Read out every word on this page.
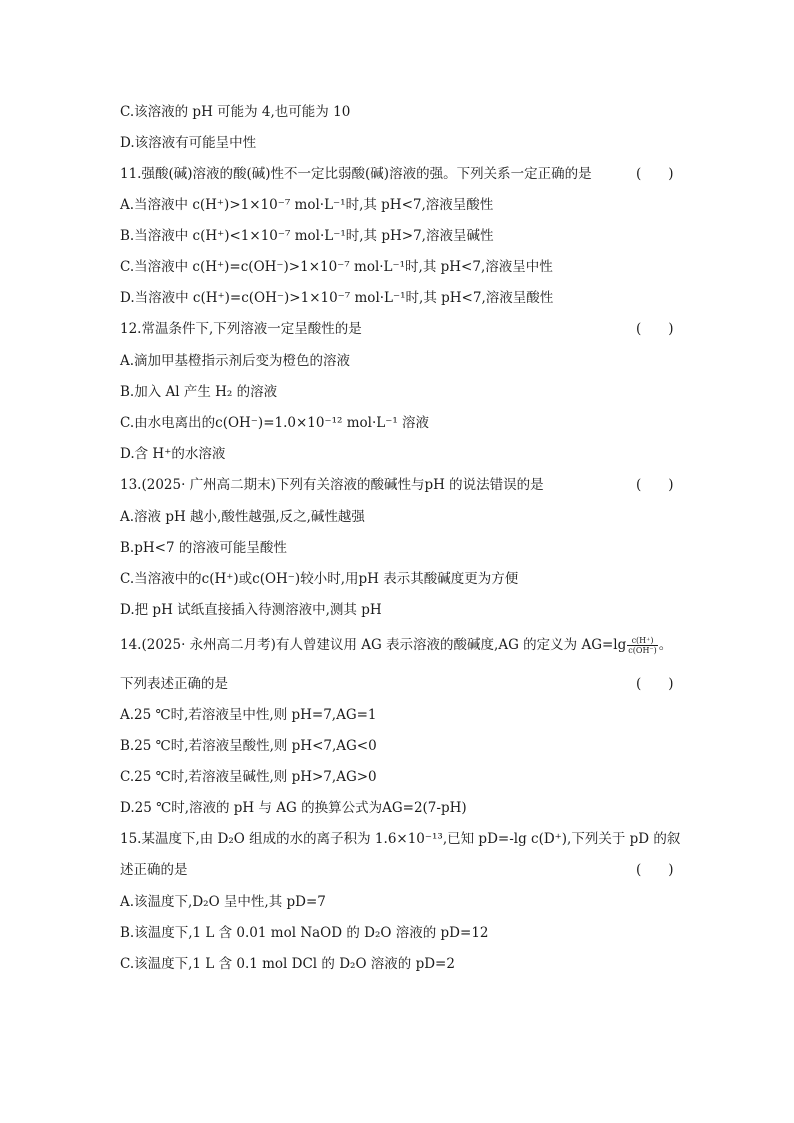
C.该溶液的 pH 可能为 4,也可能为 10
D.该溶液有可能呈中性
11.强酸(碱)溶液的酸(碱)性不一定比弱酸(碱)溶液的强。下列关系一定正确的是	(　　)
A.当溶液中 c(H⁺)>1×10⁻⁷ mol·L⁻¹时,其 pH<7,溶液呈酸性
B.当溶液中 c(H⁺)<1×10⁻⁷ mol·L⁻¹时,其 pH>7,溶液呈碱性
C.当溶液中 c(H⁺)=c(OH⁻)>1×10⁻⁷ mol·L⁻¹时,其 pH<7,溶液呈中性
D.当溶液中 c(H⁺)=c(OH⁻)>1×10⁻⁷ mol·L⁻¹时,其 pH<7,溶液呈酸性
12.常温条件下,下列溶液一定呈酸性的是	(　　)
A.滴加甲基橙指示剂后变为橙色的溶液
B.加入 Al 产生 H₂ 的溶液
C.由水电离出的c(OH⁻)=1.0×10⁻¹² mol·L⁻¹ 溶液
D.含 H⁺的水溶液
13.(2025· 广州高二期末)下列有关溶液的酸碱性与pH 的说法错误的是	(　　)
A.溶液 pH 越小,酸性越强,反之,碱性越强
B.pH<7 的溶液可能呈酸性
C.当溶液中的c(H⁺)或c(OH⁻)较小时,用pH 表示其酸碱度更为方便
D.把 pH 试纸直接插入待测溶液中,测其 pH
14.(2025· 永州高二月考)有人曾建议用 AG 表示溶液的酸碱度,AG 的定义为 $AG=\lg \frac{c(H^+)}{c(OH^-)}$ 。
下列表述正确的是	(　　)
A.25 ℃时,若溶液呈中性,则 pH=7,AG=1
B.25 ℃时,若溶液呈酸性,则 pH<7,AG<0
C.25 ℃时,若溶液呈碱性,则 pH>7,AG>0
D.25 ℃时,溶液的 pH 与 AG 的换算公式为AG=2(7-pH)
15.某温度下,由 D₂O 组成的水的离子积为 1.6×10⁻¹³,已知 pD=-lg c(D⁺),下列关于 pD 的叙
述正确的是	(　　)
A.该温度下,D₂O 呈中性,其 pD=7
B.该温度下,1 L 含 0.01 mol NaOD 的 D₂O 溶液的 pD=12
C.该温度下,1 L 含 0.1 mol DCl 的 D₂O 溶液的 pD=2
